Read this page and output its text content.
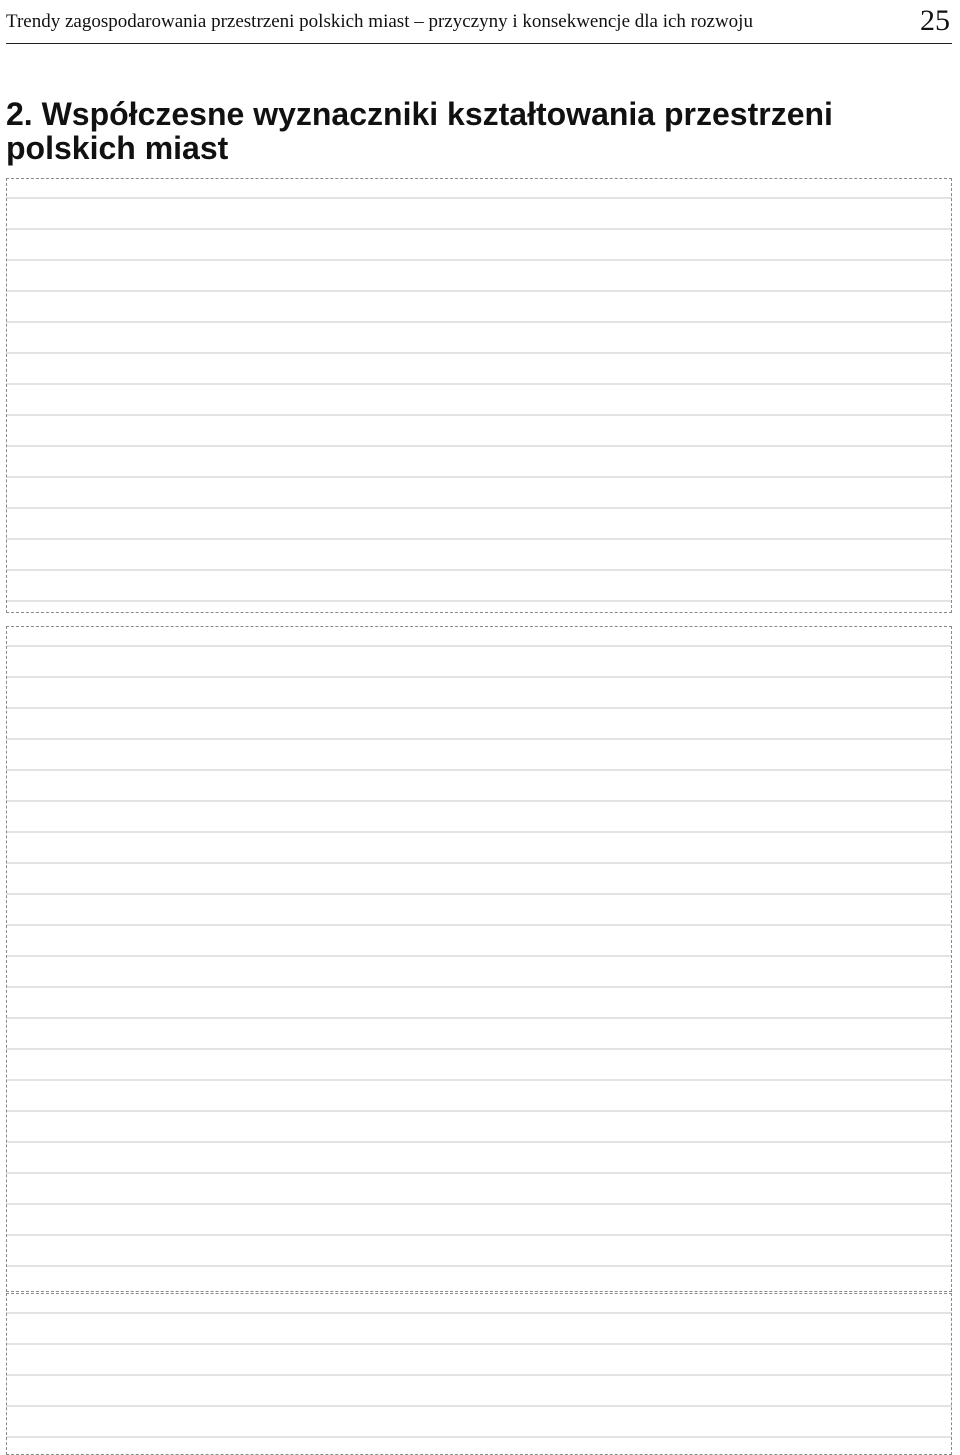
Trendy zagospodarowania przestrzeni polskich miast – przyczyny i konsekwencje dla ich rozwoju	25
2. Współczesne wyznaczniki kształtowania przestrzeni polskich miast
